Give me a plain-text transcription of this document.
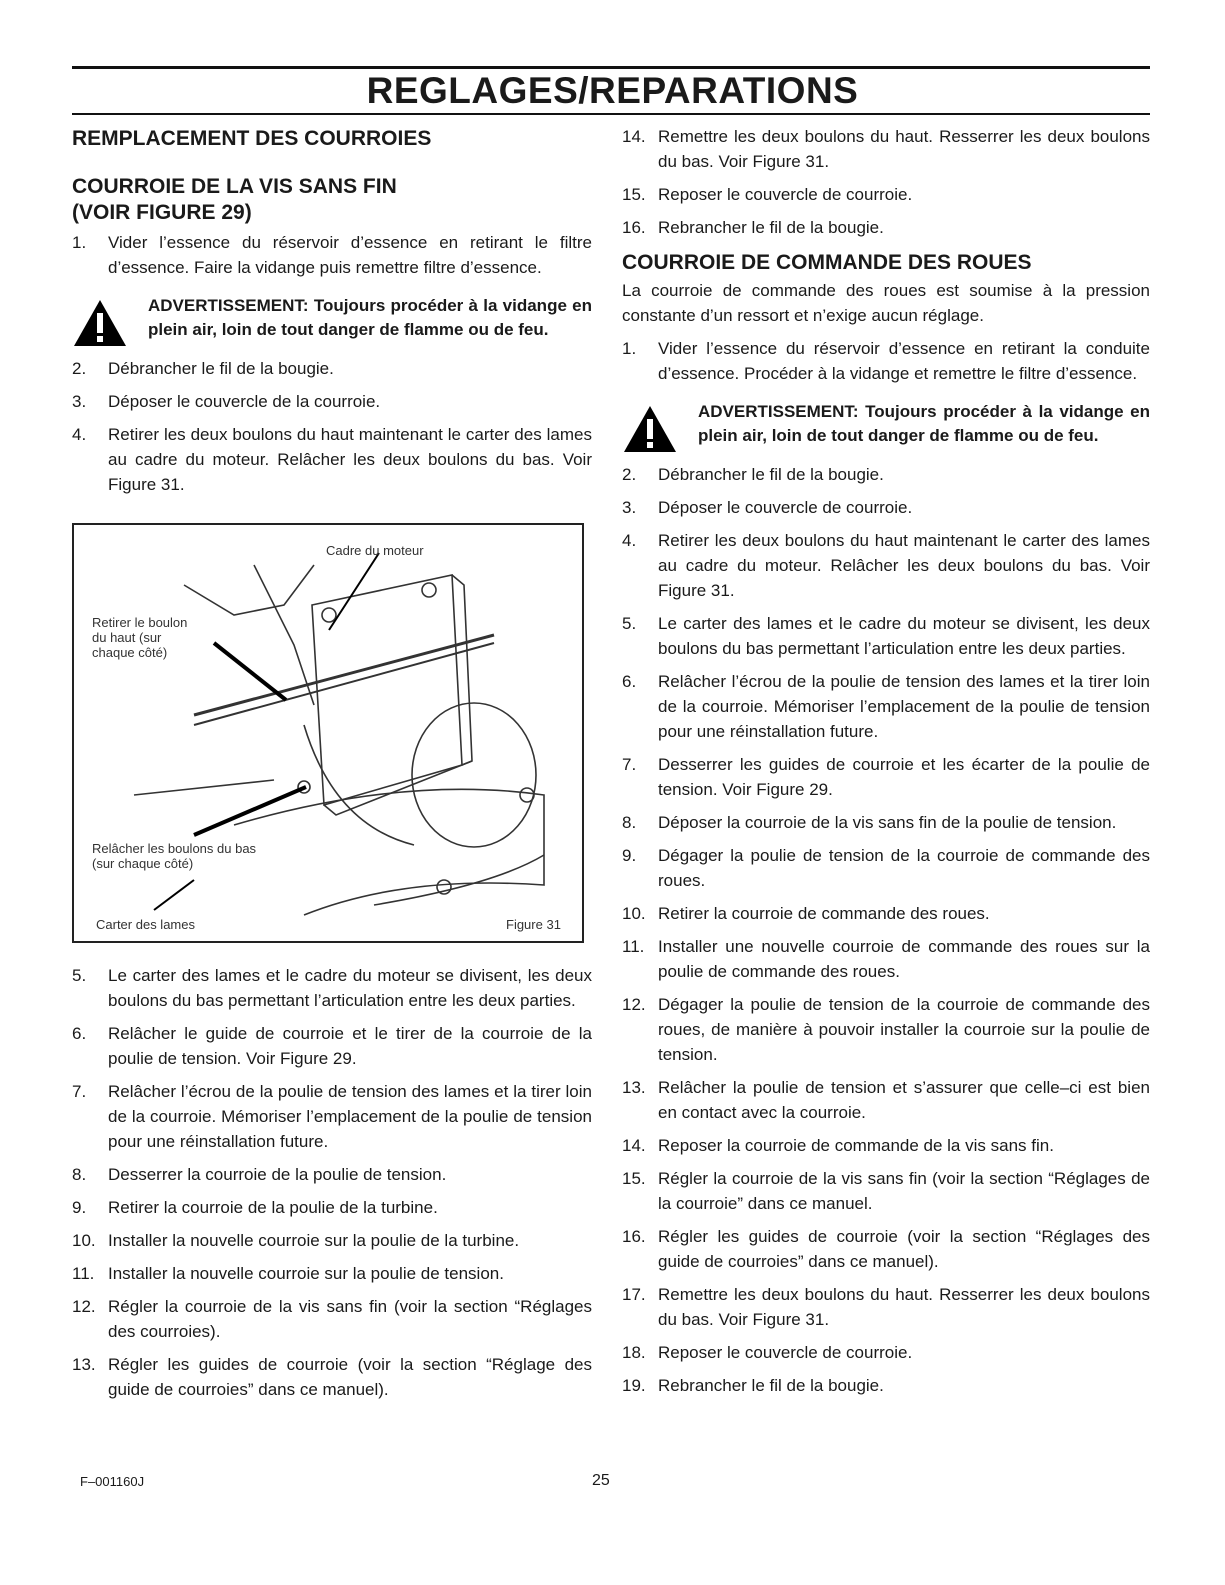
REGLAGES/REPARATIONS
REMPLACEMENT DES COURROIES
COURROIE DE LA VIS SANS FIN
(VOIR FIGURE 29)
1.	Vider l’essence du réservoir d’essence en retirant le filtre d’essence. Faire la vidange puis remettre filtre d’essence.
ADVERTISSEMENT: Toujours procéder à la vidange en plein air, loin de tout danger de flamme ou de feu.
2.	Débrancher le fil de la bougie.
3.	Déposer le couvercle de la courroie.
4.	Retirer les deux boulons du haut maintenant le carter des lames au cadre du moteur. Relâcher les deux boulons du bas. Voir Figure 31.
Cadre du moteur
Retirer le boulon du haut (sur chaque côté)
Relâcher les boulons du bas (sur chaque côté)
Carter des lames	Figure 31
5.	Le carter des lames et le cadre du moteur se divisent, les deux boulons du bas permettant l’articulation entre les deux parties.
6.	Relâcher le guide de courroie et le tirer de la courroie de la poulie de tension. Voir Figure 29.
7.	Relâcher l’écrou de la poulie de tension des lames et la tirer loin de la courroie. Mémoriser l’emplacement de la poulie de tension pour une réinstallation future.
8.	Desserrer la courroie de la poulie de tension.
9.	Retirer la courroie de la poulie de la turbine.
10. Installer la nouvelle courroie sur la poulie de la turbine.
11. Installer la nouvelle courroie sur la poulie de tension.
12. Régler la courroie de la vis sans fin (voir la section “Réglages des courroies).
13. Régler les guides de courroie (voir la section “Réglage des guide de courroies” dans ce manuel).
14. Remettre les deux boulons du haut. Resserrer les deux boulons du bas. Voir Figure 31.
15. Reposer le couvercle de courroie.
16. Rebrancher le fil de la bougie.
COURROIE DE COMMANDE DES ROUES
La courroie de commande des roues est soumise à la pression constante d’un ressort et n’exige aucun réglage.
1.	Vider l’essence du réservoir d’essence en retirant la conduite d’essence. Procéder à la vidange et remettre le filtre d’essence.
ADVERTISSEMENT: Toujours procéder à la vidange en plein air, loin de tout danger de flamme ou de feu.
2.	Débrancher le fil de la bougie.
3.	Déposer le couvercle de courroie.
4.	Retirer les deux boulons du haut maintenant le carter des lames au cadre du moteur. Relâcher les deux boulons du bas. Voir Figure 31.
5.	Le carter des lames et le cadre du moteur se divisent, les deux boulons du bas permettant l’articulation entre les deux parties.
6.	Relâcher l’écrou de la poulie de tension des lames et la tirer loin de la courroie. Mémoriser l’emplacement de la poulie de tension pour une réinstallation future.
7.	Desserrer les guides de courroie et les écarter de la poulie de tension. Voir Figure 29.
8.	Déposer la courroie de la vis sans fin de la poulie de tension.
9.	Dégager la poulie de tension de la courroie de commande des roues.
10. Retirer la courroie de commande des roues.
11. Installer une nouvelle courroie de commande des roues sur la poulie de commande des roues.
12. Dégager la poulie de tension de la courroie de commande des roues, de manière à pouvoir installer la courroie sur la poulie de tension.
13. Relâcher la poulie de tension et s’assurer que celle–ci est bien en contact avec la courroie.
14. Reposer la courroie de commande de la vis sans fin.
15. Régler la courroie de la vis sans fin (voir la section “Réglages de la courroie” dans ce manuel.
16. Régler les guides de courroie (voir la section “Réglages des guide de courroies” dans ce manuel).
17. Remettre les deux boulons du haut. Resserrer les deux boulons du bas. Voir Figure 31.
18. Reposer le couvercle de courroie.
19. Rebrancher le fil de la bougie.
F–001160J	25
